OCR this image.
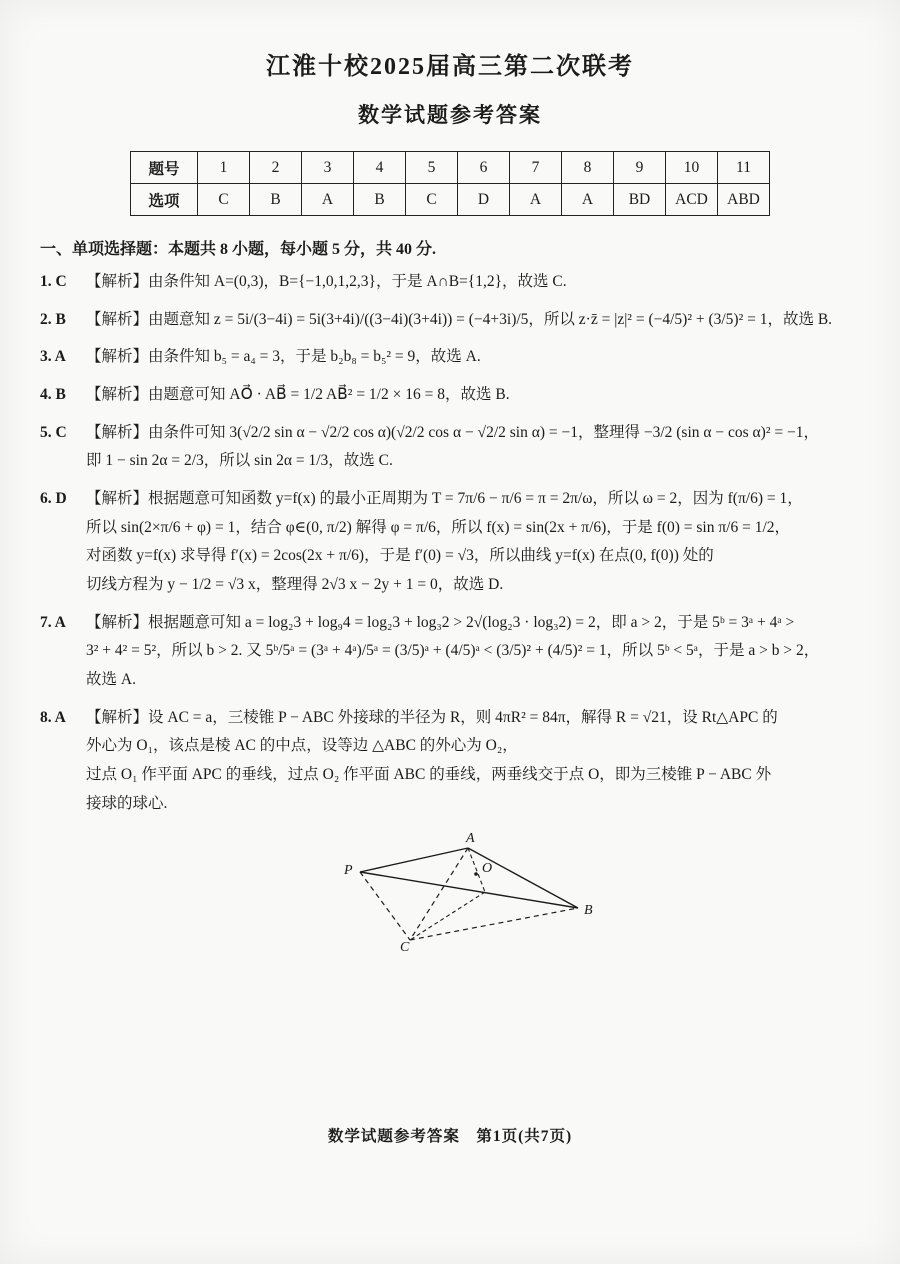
江淮十校2025届高三第二次联考
数学试题参考答案
题号	1	2	3	4	5	6	7	8	9	10	11
选项	C	B	A	B	C	D	A	A	BD	ACD	ABD
一、单项选择题：本题共 8 小题，每小题 5 分，共 40 分.
1. C	【解析】由条件知 A=(0,3)，B={−1,0,1,2,3}，于是 A∩B={1,2}，故选 C.
2. B	【解析】由题意知 z = 5i/(3−4i) = 5i(3+4i)/((3−4i)(3+4i)) = (−4+3i)/5，所以 z·z̄ = |z|² = (−4/5)² + (3/5)² = 1，故选 B.
3. A	【解析】由条件知 b₅ = a₄ = 3，于是 b₂b₈ = b₅² = 9，故选 A.
4. B	【解析】由题意可知 AO⃗ · AB⃗ = 1/2 AB⃗² = 1/2 × 16 = 8，故选 B.
5. C	【解析】由条件可知 3(√2/2 sin α − √2/2 cos α)(√2/2 cos α − √2/2 sin α) = −1，整理得 −3/2 (sin α − cos α)² = −1，
即 1 − sin 2α = 2/3，所以 sin 2α = 1/3，故选 C.
6. D	【解析】根据题意可知函数 y=f(x) 的最小正周期为 T = 7π/6 − π/6 = π = 2π/ω，所以 ω = 2，因为 f(π/6) = 1，
所以 sin(2×π/6 + φ) = 1，结合 φ∈(0, π/2) 解得 φ = π/6，所以 f(x) = sin(2x + π/6)，于是 f(0) = sin π/6 = 1/2，
对函数 y=f(x) 求导得 f′(x) = 2cos(2x + π/6)，于是 f′(0) = √3，所以曲线 y=f(x) 在点(0, f(0)) 处的
切线方程为 y − 1/2 = √3 x，整理得 2√3 x − 2y + 1 = 0，故选 D.
7. A	【解析】根据题意可知 a = log₂3 + log₉4 = log₂3 + log₃2 > 2√(log₂3 · log₃2) = 2，即 a > 2，于是 5ᵇ = 3ᵃ + 4ᵃ >
3² + 4² = 5²，所以 b > 2. 又 5ᵇ/5ᵃ = (3ᵃ + 4ᵃ)/5ᵃ = (3/5)ᵃ + (4/5)ᵃ < (3/5)² + (4/5)² = 1，所以 5ᵇ < 5ᵃ，于是 a > b > 2，
故选 A.
8. A	【解析】设 AC = a，三棱锥 P − ABC 外接球的半径为 R，则 4πR² = 84π，解得 R = √21，设 Rt△APC 的
外心为 O₁，该点是棱 AC 的中点，设等边 △ABC 的外心为 O₂，
过点 O₁ 作平面 APC 的垂线，过点 O₂ 作平面 ABC 的垂线，两垂线交于点 O，即为三棱锥 P − ABC 外
接球的球心.
A
P	O
B
C
数学试题参考答案　第1页(共7页)
